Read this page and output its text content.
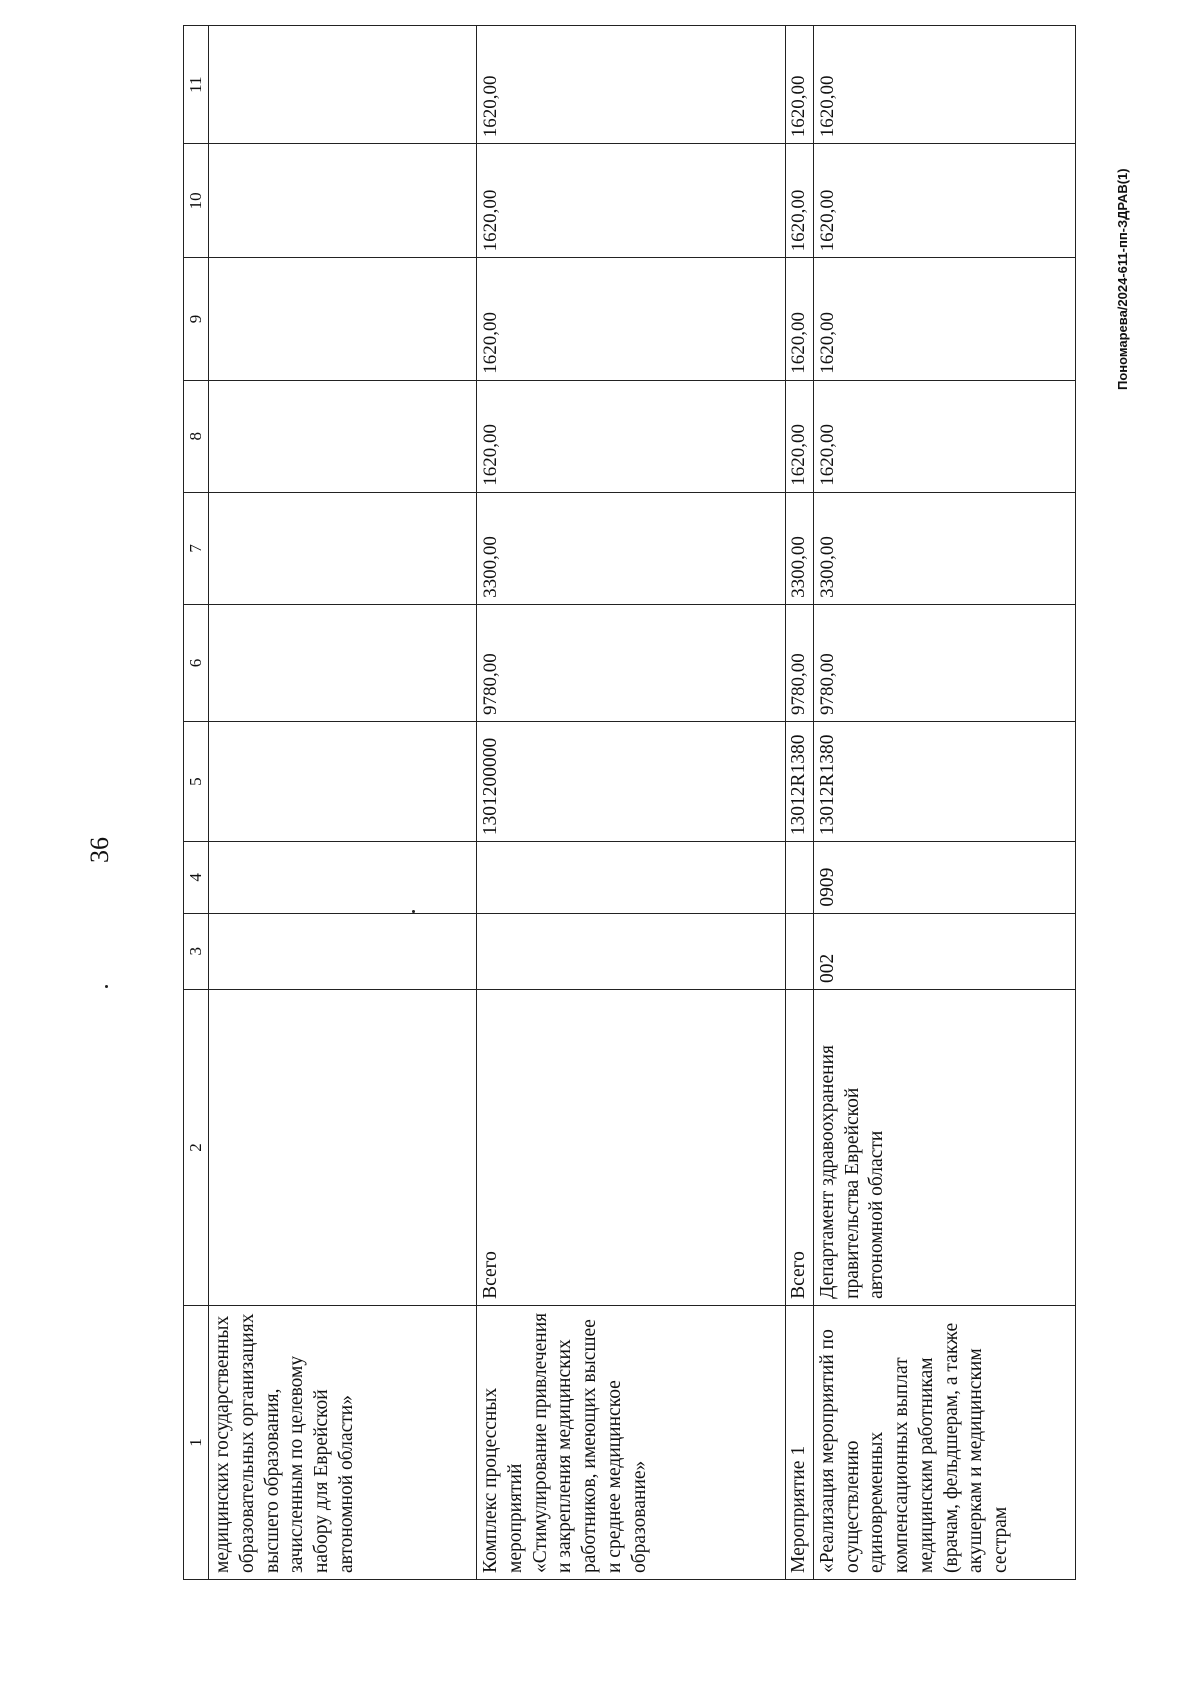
36
Пономарева/2024-611-пп-ЗДРАВ(1)
1	2	3	4	5	6	7	8	9	10	11
медицинских государственных образовательных организациях высшего образования, зачисленным по целевому набору для Еврейской автономной области»										
Комплекс процессных мероприятий «Стимулирование привлечения и закрепления медицинских работников, имеющих высшее и среднее медицинское образование»	Всего			1301200000	9780,00	3300,00	1620,00	1620,00	1620,00	1620,00
Мероприятие 1	Всего			13012R1380	9780,00	3300,00	1620,00	1620,00	1620,00	1620,00
«Реализация мероприятий по осуществлению единовременных компенсационных выплат медицинским работникам (врачам, фельдшерам, а также акушеркам и медицинским сестрам	Департамент здравоохранения правительства Еврейской автономной области	002	0909	13012R1380	9780,00	3300,00	1620,00	1620,00	1620,00	1620,00
